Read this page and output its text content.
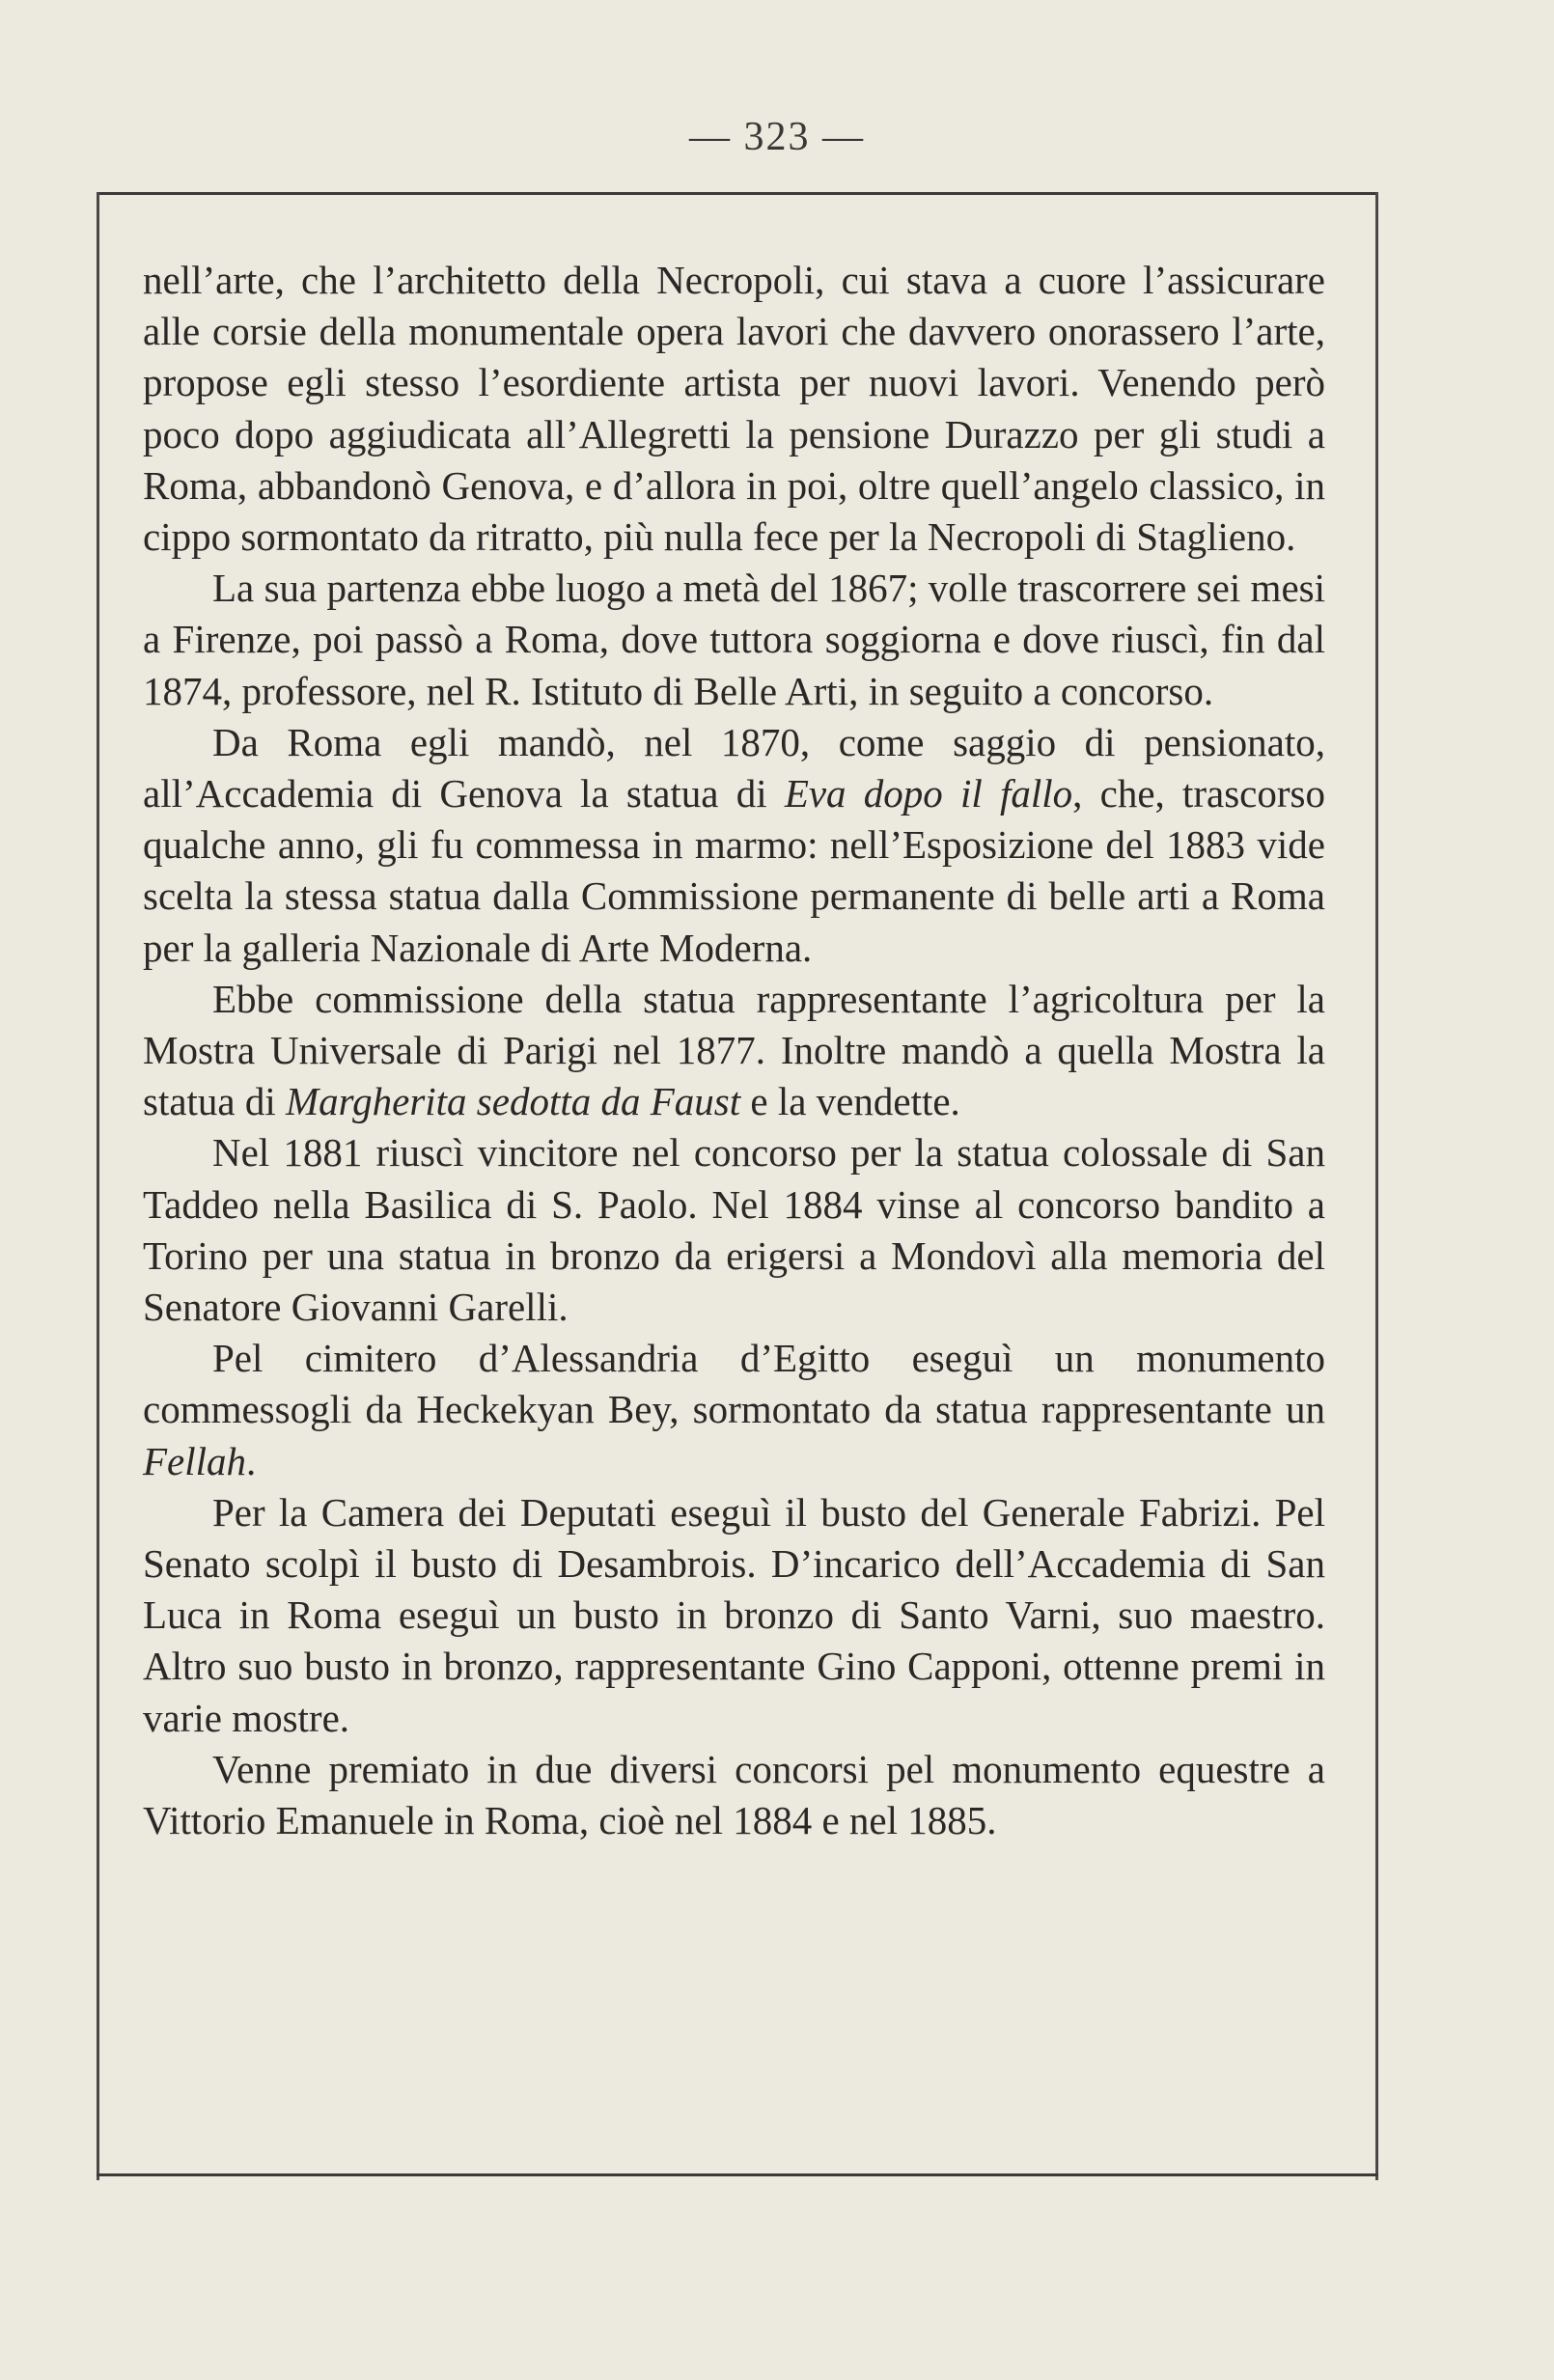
— 323 —

nell’arte, che l’architetto della Necropoli, cui stava a cuore l’assicurare alle corsie della monumentale opera lavori che davvero onorassero l’arte, propose egli stesso l’esordiente artista per nuovi lavori. Venendo però poco dopo aggiudicata all’Allegretti la pensione Durazzo per gli studi a Roma, abbandonò Genova, e d’allora in poi, oltre quell’angelo classico, in cippo sormontato da ritratto, più nulla fece per la Necropoli di Staglieno.

La sua partenza ebbe luogo a metà del 1867; volle trascorrere sei mesi a Firenze, poi passò a Roma, dove tuttora soggiorna e dove riuscì, fin dal 1874, professore, nel R. Istituto di Belle Arti, in seguito a concorso.

Da Roma egli mandò, nel 1870, come saggio di pensionato, all’Accademia di Genova la statua di Eva dopo il fallo, che, trascorso qualche anno, gli fu commessa in marmo: nell’Esposizione del 1883 vide scelta la stessa statua dalla Commissione permanente di belle arti a Roma per la galleria Nazionale di Arte Moderna.

Ebbe commissione della statua rappresentante l’agricoltura per la Mostra Universale di Parigi nel 1877. Inoltre mandò a quella Mostra la statua di Margherita sedotta da Faust e la vendette.

Nel 1881 riuscì vincitore nel concorso per la statua colossale di San Taddeo nella Basilica di S. Paolo. Nel 1884 vinse al concorso bandito a Torino per una statua in bronzo da erigersi a Mondovì alla memoria del Senatore Giovanni Garelli.

Pel cimitero d’Alessandria d’Egitto eseguì un monumento commessogli da Heckekyan Bey, sormontato da statua rappresentante un Fellah.

Per la Camera dei Deputati eseguì il busto del Generale Fabrizi. Pel Senato scolpì il busto di Desambrois. D’incarico dell’Accademia di San Luca in Roma eseguì un busto in bronzo di Santo Varni, suo maestro. Altro suo busto in bronzo, rappresentante Gino Capponi, ottenne premi in varie mostre.

Venne premiato in due diversi concorsi pel monumento equestre a Vittorio Emanuele in Roma, cioè nel 1884 e nel 1885.
